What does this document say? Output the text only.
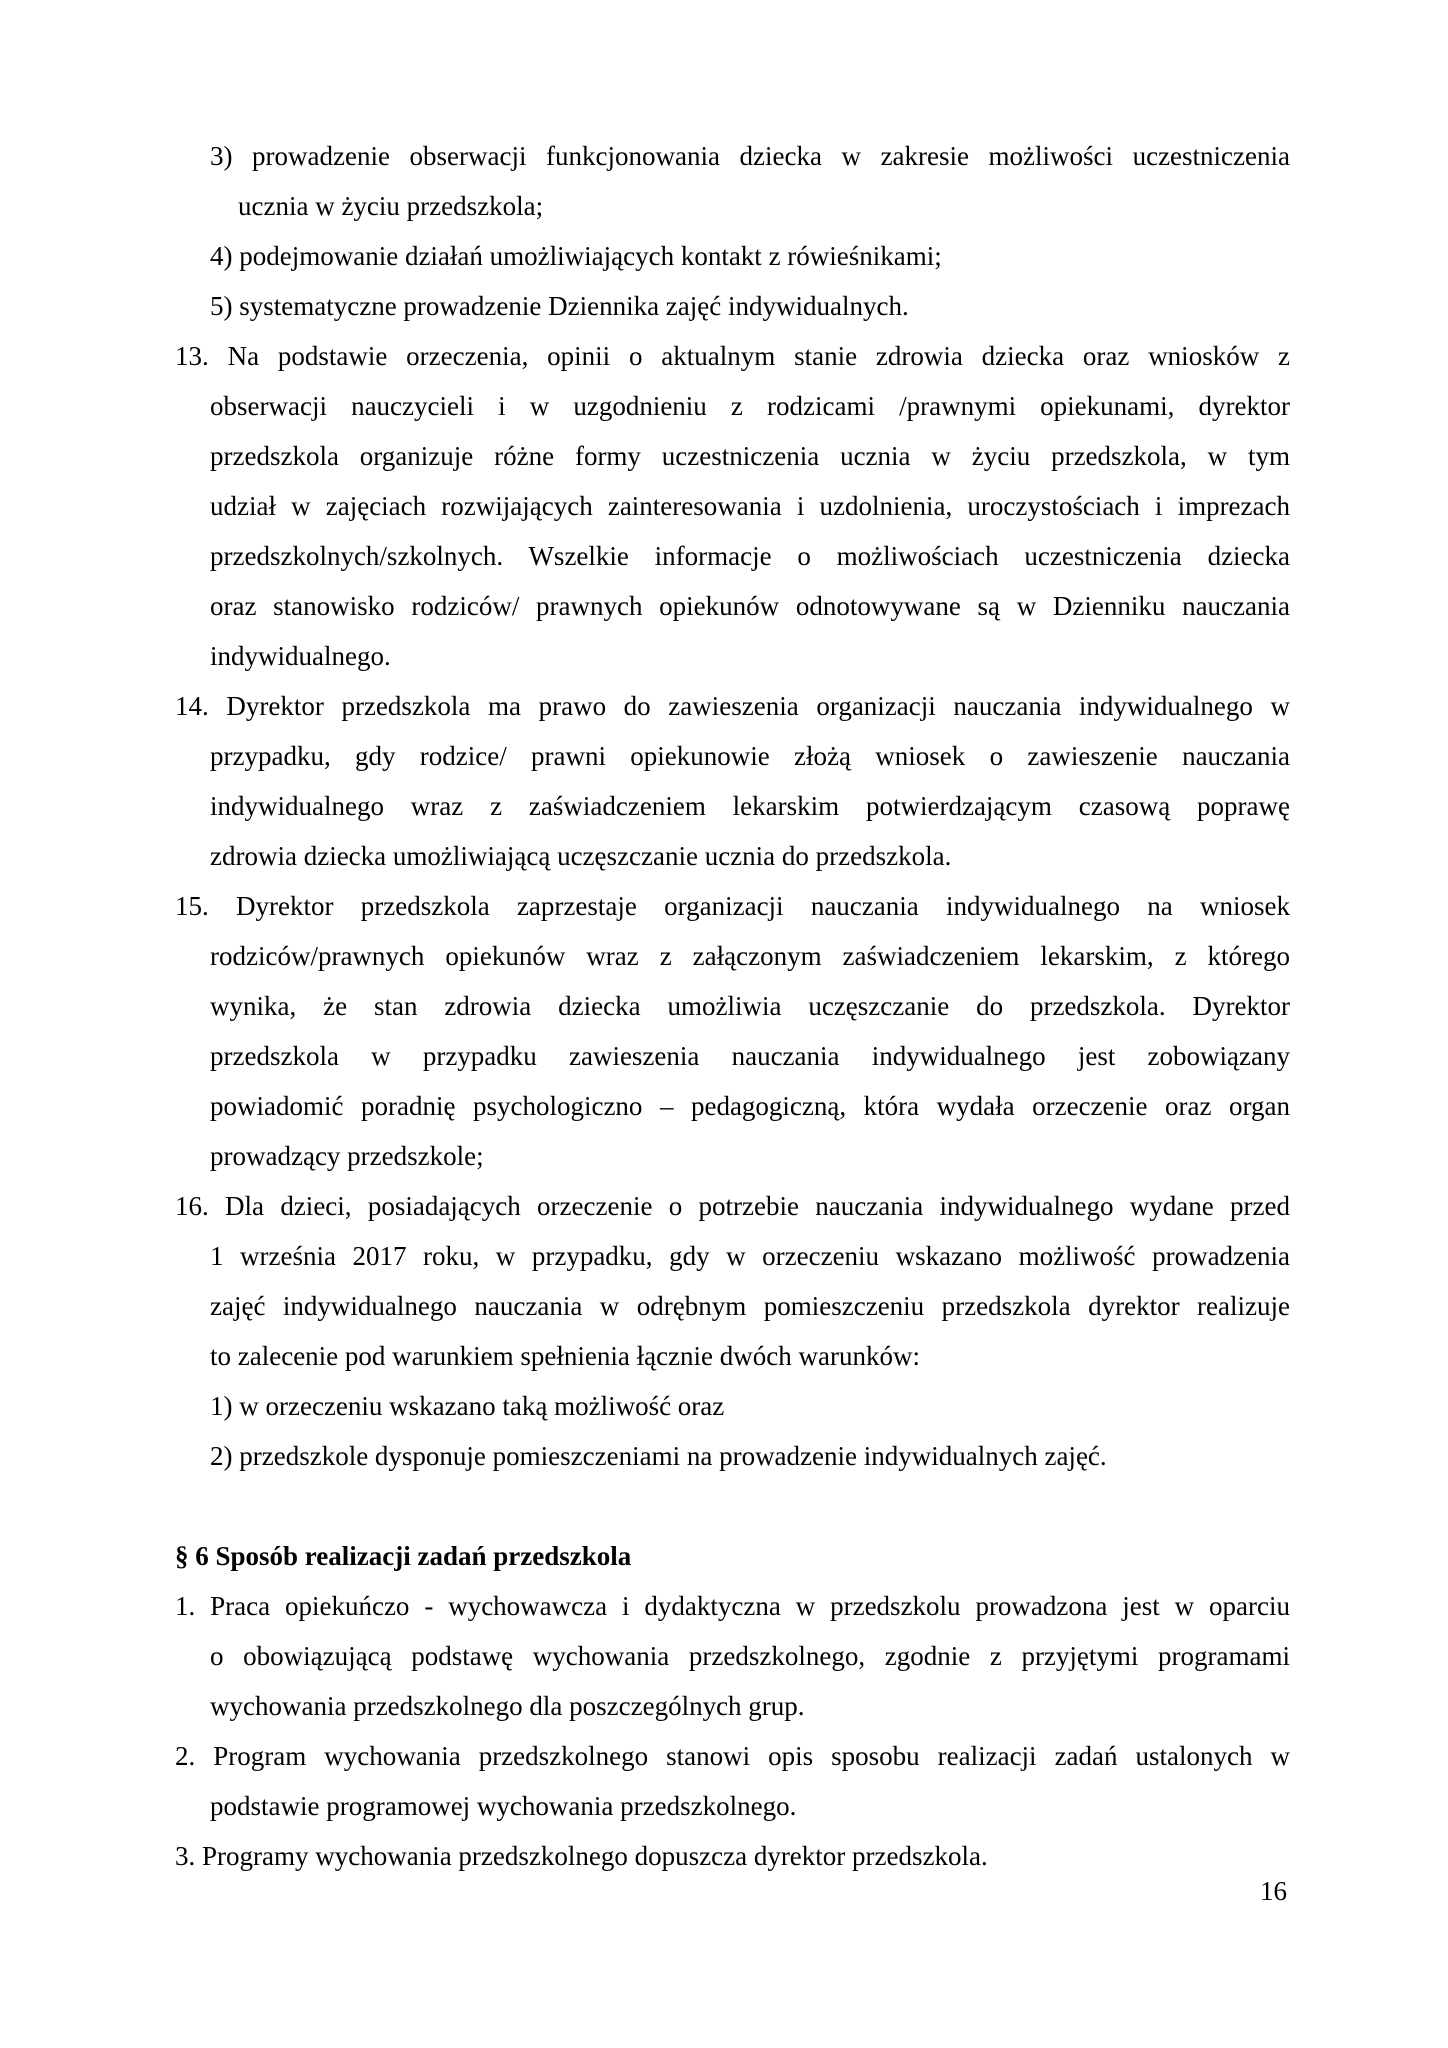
3) prowadzenie obserwacji funkcjonowania dziecka w zakresie możliwości uczestniczenia
ucznia w życiu przedszkola;
4) podejmowanie działań umożliwiających kontakt z rówieśnikami;
5) systematyczne prowadzenie Dziennika zajęć indywidualnych.
13. Na podstawie orzeczenia, opinii o aktualnym stanie zdrowia dziecka oraz wniosków z
obserwacji nauczycieli i w uzgodnieniu z rodzicami /prawnymi opiekunami, dyrektor
przedszkola organizuje różne formy uczestniczenia ucznia w życiu przedszkola, w tym
udział w zajęciach rozwijających zainteresowania i uzdolnienia, uroczystościach i imprezach
przedszkolnych/szkolnych. Wszelkie informacje o możliwościach uczestniczenia dziecka
oraz stanowisko rodziców/ prawnych opiekunów odnotowywane są w Dzienniku nauczania
indywidualnego.
14. Dyrektor przedszkola ma prawo do zawieszenia organizacji nauczania indywidualnego w
przypadku, gdy rodzice/ prawni opiekunowie złożą wniosek o zawieszenie nauczania
indywidualnego wraz z zaświadczeniem lekarskim potwierdzającym czasową poprawę
zdrowia dziecka umożliwiającą uczęszczanie ucznia do przedszkola.
15. Dyrektor przedszkola zaprzestaje organizacji nauczania indywidualnego na wniosek
rodziców/prawnych opiekunów wraz z załączonym zaświadczeniem lekarskim, z którego
wynika, że stan zdrowia dziecka umożliwia uczęszczanie do przedszkola. Dyrektor
przedszkola w przypadku zawieszenia nauczania indywidualnego jest zobowiązany
powiadomić poradnię psychologiczno – pedagogiczną, która wydała orzeczenie oraz organ
prowadzący przedszkole;
16. Dla dzieci, posiadających orzeczenie o potrzebie nauczania indywidualnego wydane przed
1 września 2017 roku, w przypadku, gdy w orzeczeniu wskazano możliwość prowadzenia
zajęć indywidualnego nauczania w odrębnym pomieszczeniu przedszkola dyrektor realizuje
to zalecenie pod warunkiem spełnienia łącznie dwóch warunków:
1) w orzeczeniu wskazano taką możliwość oraz
2) przedszkole dysponuje pomieszczeniami na prowadzenie indywidualnych zajęć.
§ 6 Sposób realizacji zadań przedszkola
1. Praca opiekuńczo - wychowawcza i dydaktyczna w przedszkolu prowadzona jest w oparciu
o obowiązującą podstawę wychowania przedszkolnego, zgodnie z przyjętymi programami
wychowania przedszkolnego dla poszczególnych grup.
2. Program wychowania przedszkolnego stanowi opis sposobu realizacji zadań ustalonych w
podstawie programowej wychowania przedszkolnego.
3. Programy wychowania przedszkolnego dopuszcza dyrektor przedszkola.
16
